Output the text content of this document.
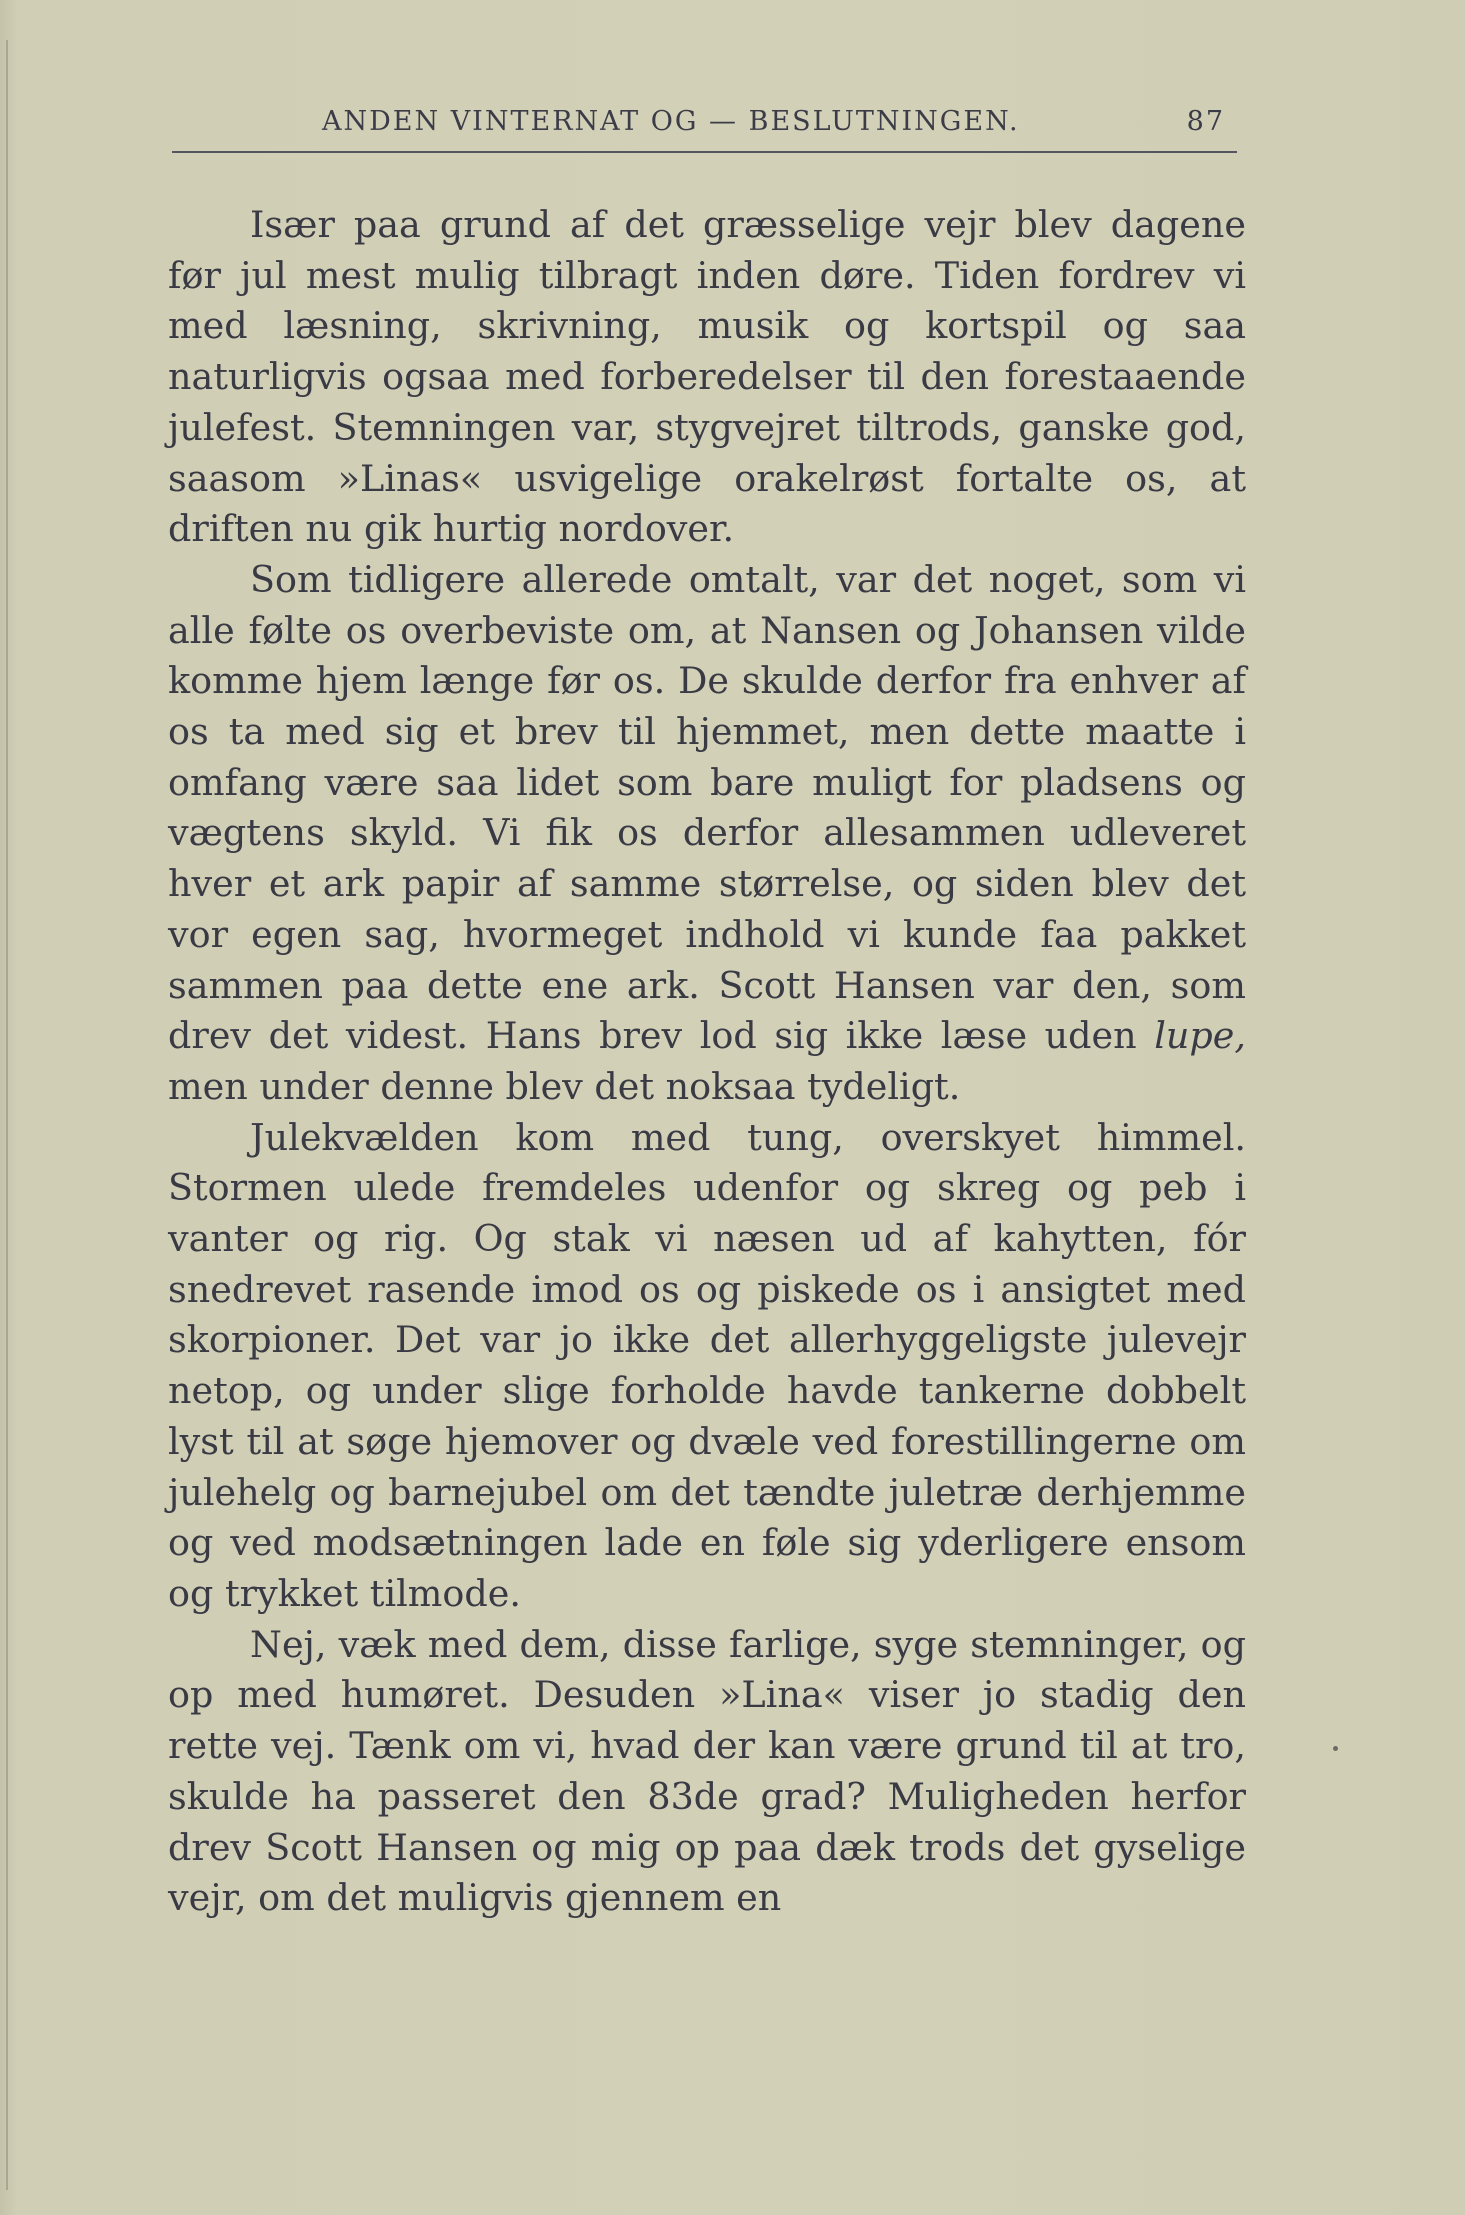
ANDEN VINTERNAT OG — BESLUTNINGEN.	87

Især paa grund af det græsselige vejr blev dagene før jul mest mulig tilbragt inden døre. Tiden fordrev vi med læsning, skrivning, musik og kortspil og saa naturligvis ogsaa med forberedelser til den forestaaende julefest. Stemningen var, stygvejret tiltrods, ganske god, saasom »Linas« usvigelige orakelrøst fortalte os, at driften nu gik hurtig nordover.

Som tidligere allerede omtalt, var det noget, som vi alle følte os overbeviste om, at Nansen og Johansen vilde komme hjem længe før os. De skulde derfor fra enhver af os ta med sig et brev til hjemmet, men dette maatte i omfang være saa lidet som bare muligt for pladsens og vægtens skyld. Vi fik os derfor allesammen udleveret hver et ark papir af samme størrelse, og siden blev det vor egen sag, hvormeget indhold vi kunde faa pakket sammen paa dette ene ark. Scott Hansen var den, som drev det videst. Hans brev lod sig ikke læse uden lupe, men under denne blev det noksaa tydeligt.

Julekvælden kom med tung, overskyet himmel. Stormen ulede fremdeles udenfor og skreg og peb i vanter og rig. Og stak vi næsen ud af kahytten, fór snedrevet rasende imod os og piskede os i ansigtet med skorpioner. Det var jo ikke det allerhyggeligste julevejr netop, og under slige forholde havde tankerne dobbelt lyst til at søge hjemover og dvæle ved forestillingerne om julehelg og barnejubel om det tændte juletræ derhjemme og ved modsætningen lade en føle sig yderligere ensom og trykket tilmode.

Nej, væk med dem, disse farlige, syge stemninger, og op med humøret. Desuden »Lina« viser jo stadig den rette vej. Tænk om vi, hvad der kan være grund til at tro, skulde ha passeret den 83de grad? Muligheden herfor drev Scott Hansen og mig op paa dæk trods det gyselige vejr, om det muligvis gjennem en
